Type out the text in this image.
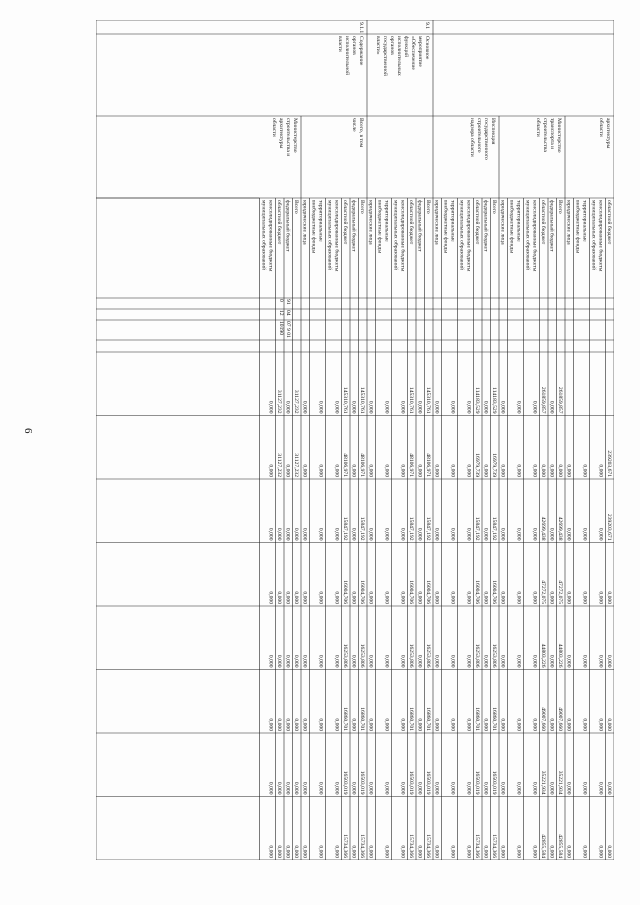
6
областной бюджет
239203,671
239203,671
0,000
0,000
0,000
0,000
0,000
консолидированные бюджетымуниципальных образований
0,000
0,000
0,000
0,000
0,000
0,000
0,000
территориальныевнебюджетные фонды
0,000
0,000
0,000
0,000
0,000
0,000
0,000
юридические лица
0,000
0,000
0,000
0,000
0,000
0,000
0,000
Всего
261859,857
0,000
42699,438
47272,075
44803,226
49007,660
35221,934
42855,584
федеральный бюджет
0,000
0,000
0,000
0,000
0,000
0,000
0,000
0,000
областной бюджет
261859,857
0,000
42699,438
47272,075
44803,226
49007,660
35221,934
42855,584
консолидированные бюджетымуниципальных образований
0,000
0,000
0,000
0,000
0,000
0,000
0,000
0,000
территориальныевнебюджетные фонды
0,000
0,000
0,000
0,000
0,000
0,000
0,000
0,000
юридические лица
0,000
0,000
0,000
0,000
0,000
0,000
0,000
0,000
Министерствотранспорта истроительстваобласти
Всего
114183,529
16979,739
15847,192
16004,706
16253,806
16860,701
16503,019
15734,366
федеральный бюджет
0,000
0,000
0,000
0,000
0,000
0,000
0,000
0,000
областной бюджет
114183,529
16979,739
15847,192
16004,706
16253,806
16860,701
16503,019
15734,366
консолидированные бюджетымуниципальных образований
0,000
0,000
0,000
0,000
0,000
0,000
0,000
0,000
территориальныевнебюджетные фонды
0,000
0,000
0,000
0,000
0,000
0,000
0,000
0,000
юридические лица
0,000
0,000
0,000
0,000
0,000
0,000
0,000
0,000
Инспекциягосударственногостроительногонадзора области
Всего
145310,761
48106,971
15847,192
16004,706
16253,806
16860,701
16503,019
15734,366
федеральный бюджет
0,000
0,000
0,000
0,000
0,000
0,000
0,000
0,000
областной бюджет
145310,761
48106,971
15847,192
16004,706
16253,806
16860,701
16503,019
15734,366
консолидированные бюджетымуниципальных образований
0,000
0,000
0,000
0,000
0,000
0,000
0,000
0,000
территориальныевнебюджетные фонды
0,000
0,000
0,000
0,000
0,000
0,000
0,000
0,000
юридические лица
0,000
0,000
0,000
0,000
0,000
0,000
0,000
0,000
9.1
Основноемероприятие«Обеспечениефункцийисполнительныхоргановгосударственнойвласти»
Всего
145310,761
48106,971
15847,192
16004,706
16253,806
16860,701
16503,019
15734,366
федеральный бюджет
0,000
0,000
0,000
0,000
0,000
0,000
0,000
0,000
областной бюджет
145310,761
48106,971
15847,192
16004,706
16253,806
16860,701
16503,019
15734,366
консолидированные бюджетымуниципальных образований
0,000
0,000
0,000
0,000
0,000
0,000
0,000
0,000
территориальныевнебюджетные фонды
0,000
0,000
0,000
0,000
0,000
0,000
0,000
0,000
юридические лица
0,000
0,000
0,000
0,000
0,000
0,000
0,000
0,000
9.1.1
Содержаниеоргановисполнительнойвласти
Всего, в томчисле
Всего
31127,232
31127,232
0,000
0,000
0,000
0,000
0,000
0,000
федеральный бюджет
0,000
0,000
0,000
0,000
0,000
0,000
0,000
0,000
областной бюджет
31127,232
31127,232
0,000
0,000
0,000
0,000
0,000
0,000
консолидированные бюджетымуниципальных образований
0,000
0,000
0,000
0,000
0,000
0,000
0,000
0,000
Министерствостроительства иархитектурыобласти
910
0412
07 9 0110190
архитектурыобласти
